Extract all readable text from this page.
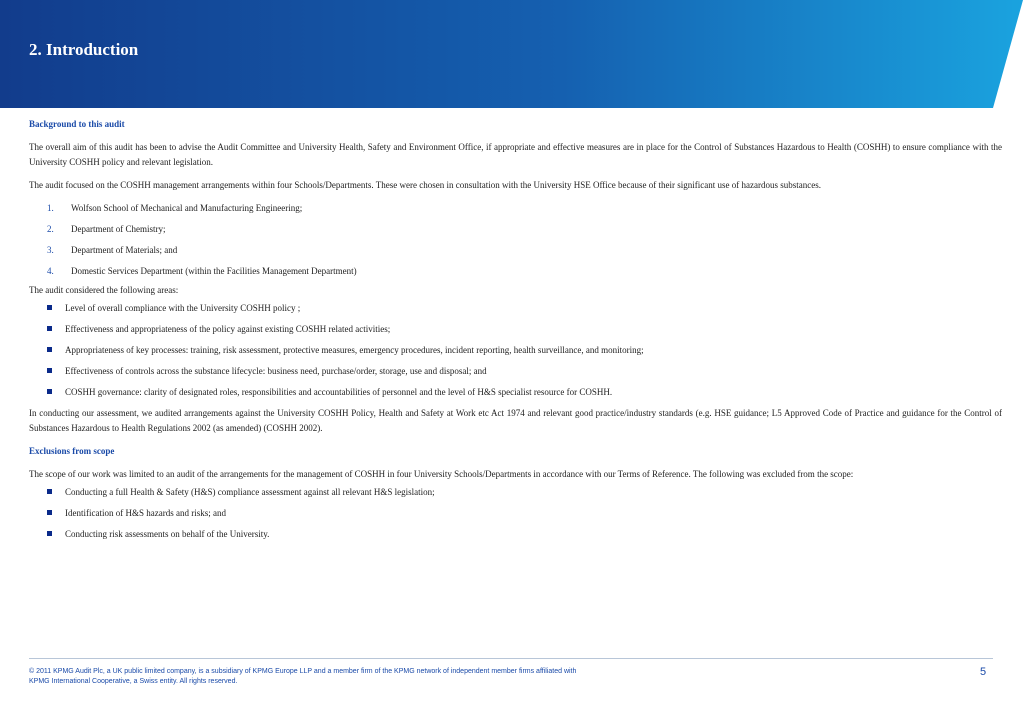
2. Introduction
Background to this audit
The overall aim of this audit has been to advise the Audit Committee and University Health, Safety and Environment Office, if appropriate and effective measures are in place for the Control of Substances Hazardous to Health (COSHH) to ensure compliance with the University COSHH policy and relevant legislation.
The audit focused on the COSHH management arrangements within four Schools/Departments. These were chosen in consultation with the University HSE Office because of their significant use of hazardous substances.
1.	Wolfson School of Mechanical and Manufacturing Engineering;
2.	Department of Chemistry;
3.	Department of Materials; and
4.	Domestic Services Department (within the Facilities Management Department)
The audit considered the following areas:
Level of overall compliance with the University COSHH policy ;
Effectiveness and appropriateness of the policy against existing COSHH related activities;
Appropriateness of key processes: training, risk assessment, protective measures, emergency procedures, incident reporting, health surveillance, and monitoring;
Effectiveness of controls across the substance lifecycle: business need, purchase/order, storage, use and disposal; and
COSHH governance: clarity of designated roles, responsibilities and accountabilities of personnel and the level of H&S specialist resource for COSHH.
In conducting our assessment, we audited arrangements against the University COSHH Policy, Health and Safety at Work etc Act 1974 and relevant good practice/industry standards (e.g. HSE guidance; L5 Approved Code of Practice and guidance for the Control of Substances Hazardous to Health Regulations 2002 (as amended) (COSHH 2002).
Exclusions from scope
The scope of our work was limited to an audit of the arrangements for the management of COSHH in four University Schools/Departments in accordance with our Terms of Reference. The following was excluded from the scope:
Conducting a full Health & Safety (H&S) compliance assessment against all relevant H&S legislation;
Identification of H&S hazards and risks; and
Conducting risk assessments on behalf of the University.
© 2011 KPMG Audit Plc, a UK public limited company, is a subsidiary of KPMG Europe LLP and a member firm of the KPMG network of independent member firms affiliated with
KPMG International Cooperative, a Swiss entity. All rights reserved.
5
